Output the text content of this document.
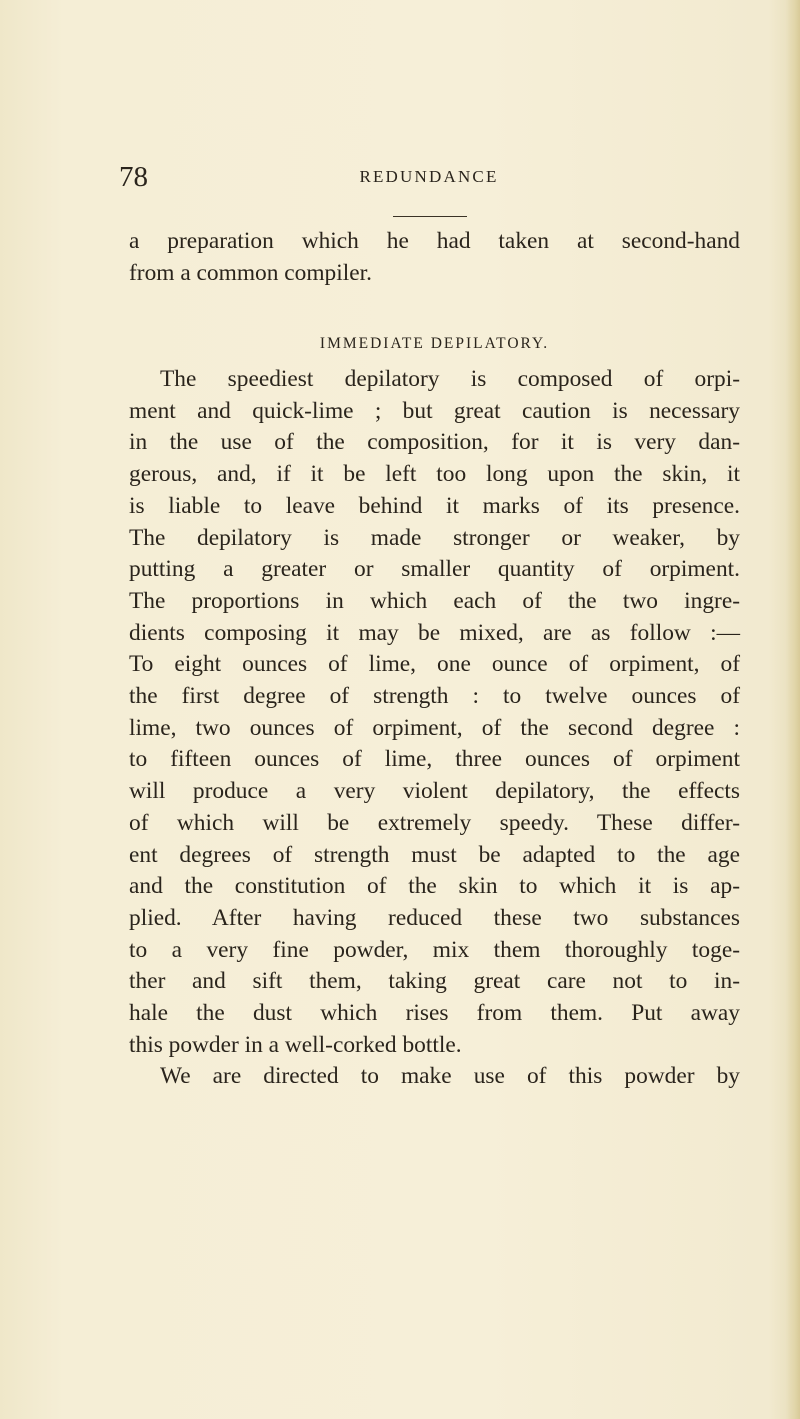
78	REDUNDANCE
a preparation which he had taken at second-hand
from a common compiler.
IMMEDIATE DEPILATORY.
The speediest depilatory is composed of orpi-
ment and quick-lime ; but great caution is necessary
in the use of the composition, for it is very dan-
gerous, and, if it be left too long upon the skin, it
is liable to leave behind it marks of its presence.
The depilatory is made stronger or weaker, by
putting a greater or smaller quantity of orpiment.
The proportions in which each of the two ingre-
dients composing it may be mixed, are as follow :—
To eight ounces of lime, one ounce of orpiment, of
the first degree of strength : to twelve ounces of
lime, two ounces of orpiment, of the second degree :
to fifteen ounces of lime, three ounces of orpiment
will produce a very violent depilatory, the effects
of which will be extremely speedy. These differ-
ent degrees of strength must be adapted to the age
and the constitution of the skin to which it is ap-
plied. After having reduced these two substances
to a very fine powder, mix them thoroughly toge-
ther and sift them, taking great care not to in-
hale the dust which rises from them. Put away
this powder in a well-corked bottle.
We are directed to make use of this powder by
